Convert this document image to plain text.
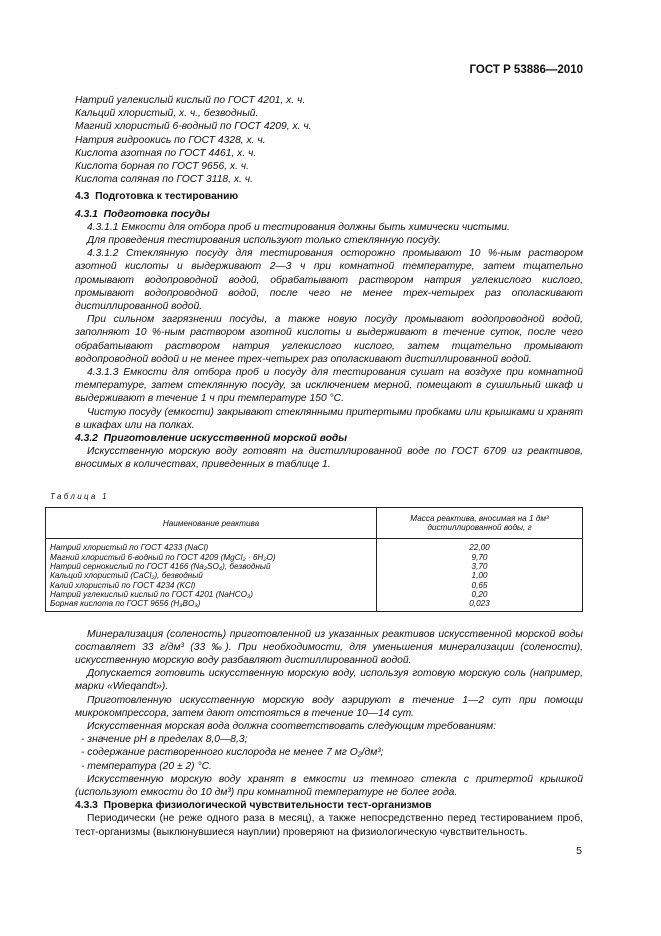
ГОСТ Р 53886—2010

Натрий углекислый кислый по ГОСТ 4201, х. ч.

Кальций хлористый, х. ч., безводный.

Магний хлористый 6-водный по ГОСТ 4209, х. ч.

Натрия гидроокись по ГОСТ 4328, х. ч.

Кислота азотная по ГОСТ 4461, х. ч.

Кислота борная по ГОСТ 9656, х. ч.

Кислота соляная по ГОСТ 3118, х. ч.

4.3 Подготовка к тестированию

4.3.1 Подготовка посуды

4.3.1.1 Емкости для отбора проб и тестирования должны быть химически чистыми.

Для проведения тестирования используют только стеклянную посуду.

4.3.1.2 Стеклянную посуду для тестирования осторожно промывают 10 %-ным раствором азотной кислоты и выдерживают 2—3 ч при комнатной температуре, затем тщательно промывают водопроводной водой, обрабатывают раствором натрия углекислого кислого, промывают водопроводной водой, после чего не менее трех-четырех раз ополаскивают дистиллированной водой.

При сильном загрязнении посуды, а также новую посуду промывают водопроводной водой, заполняют 10 %-ным раствором азотной кислоты и выдерживают в течение суток, после чего обрабатывают раствором натрия углекислого кислого, затем тщательно промывают водопроводной водой и не менее трех-четырех раз ополаскивают дистиллированной водой.

4.3.1.3 Емкости для отбора проб и посуду для тестирования сушат на воздухе при комнатной температуре, затем стеклянную посуду, за исключением мерной, помещают в сушильный шкаф и выдерживают в течение 1 ч при температуре 150 °С.

Чистую посуду (емкости) закрывают стеклянными притертыми пробками или крышками и хранят в шкафах или на полках.

4.3.2 Приготовление искусственной морской воды

Искусственную морскую воду готовят на дистиллированной воде по ГОСТ 6709 из реактивов, вносимых в количествах, приведенных в таблице 1.

Таблица 1

Наименование реактива	Масса реактива, вносимая на 1 дм³
дистиллированной воды, г
Натрий хлористый по ГОСТ 4233 (NaCl)	22,00
Магний хлористый 6-водный по ГОСТ 4209 (MgCl₂ · 6H₂O)	9,70
Натрий сернокислый по ГОСТ 4166 (Na₂SO₄), безводный	3,70
Кальций хлористый (CaCl₂), безводный	1,00
Калий хлористый по ГОСТ 4234 (KCl)	0,65
Натрий углекислый кислый по ГОСТ 4201 (NaHCO₃)	0,20
Борная кислота по ГОСТ 9656 (H₃BO₃)	0,023

Минерализация (соленость) приготовленной из указанных реактивов искусственной морской воды составляет 33 г/дм³ (33 ‰). При необходимости, для уменьшения минерализации (солености), искусственную морскую воду разбавляют дистиллированной водой.

Допускается готовить искусственную морскую воду, используя готовую морскую соль (например, марки «Wieqandt»).

Приготовленную искусственную морскую воду аэрируют в течение 1—2 сут при помощи микрокомпрессора, затем дают отстояться в течение 10—14 сут.

Искусственная морская вода должна соответствовать следующим требованиям:

- значение рН в пределах 8,0—8,3;

- содержание растворенного кислорода не менее 7 мг O₂/дм³;

- температура (20 ± 2) °С.

Искусственную морскую воду хранят в емкости из темного стекла с притертой крышкой (используют емкости до 10 дм³) при комнатной температуре не более года.

4.3.3 Проверка физиологической чувствительности тест-организмов

Периодически (не реже одного раза в месяц), а также непосредственно перед тестированием проб, тест-организмы (выклюнувшиеся науплии) проверяют на физиологическую чувствительность.

5
